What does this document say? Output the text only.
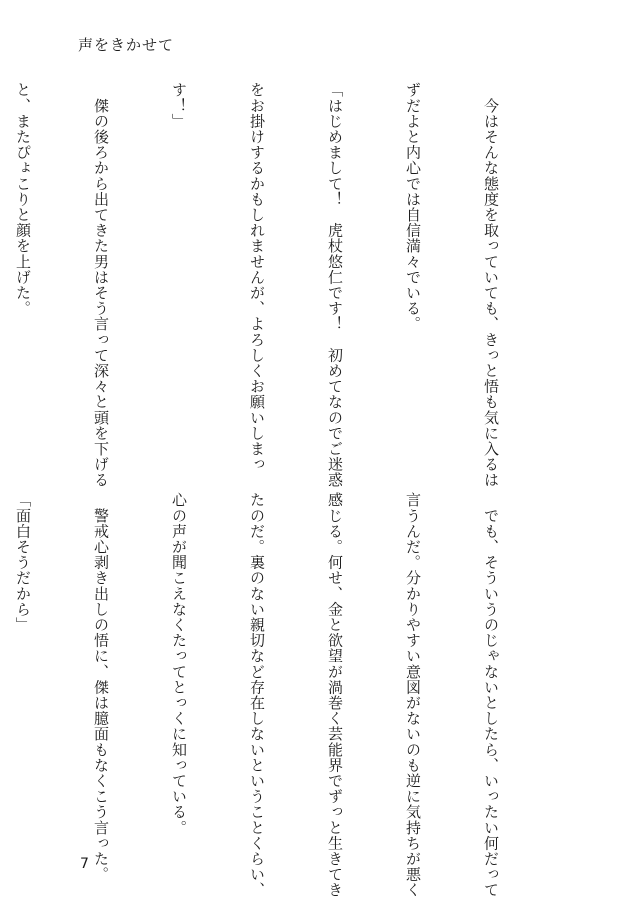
声をきかせて

　今はそんな態度を取っていても、きっと悟も気に入るは

ずだよと内心では自信満々でいる。

「はじめまして！　虎杖悠仁です！　初めてなのでご迷惑

をお掛けするかもしれませんが、よろしくお願いしまっ

す！」

　傑の後ろから出てきた男はそう言って深々と頭を下げる

と、またぴょこりと顔を上げた。

　でも、そういうのじゃないとしたら、いったい何だって

言うんだ。分かりやすい意図がないのも逆に気持ちが悪く

感じる。何せ、金と欲望が渦巻く芸能界でずっと生きてき

たのだ。裏のない親切など存在しないということくらい、

心の声が聞こえなくたってとっくに知っている。

　警戒心剥き出しの悟に、傑は臆面もなくこう言った。

「面白そうだから」

7
